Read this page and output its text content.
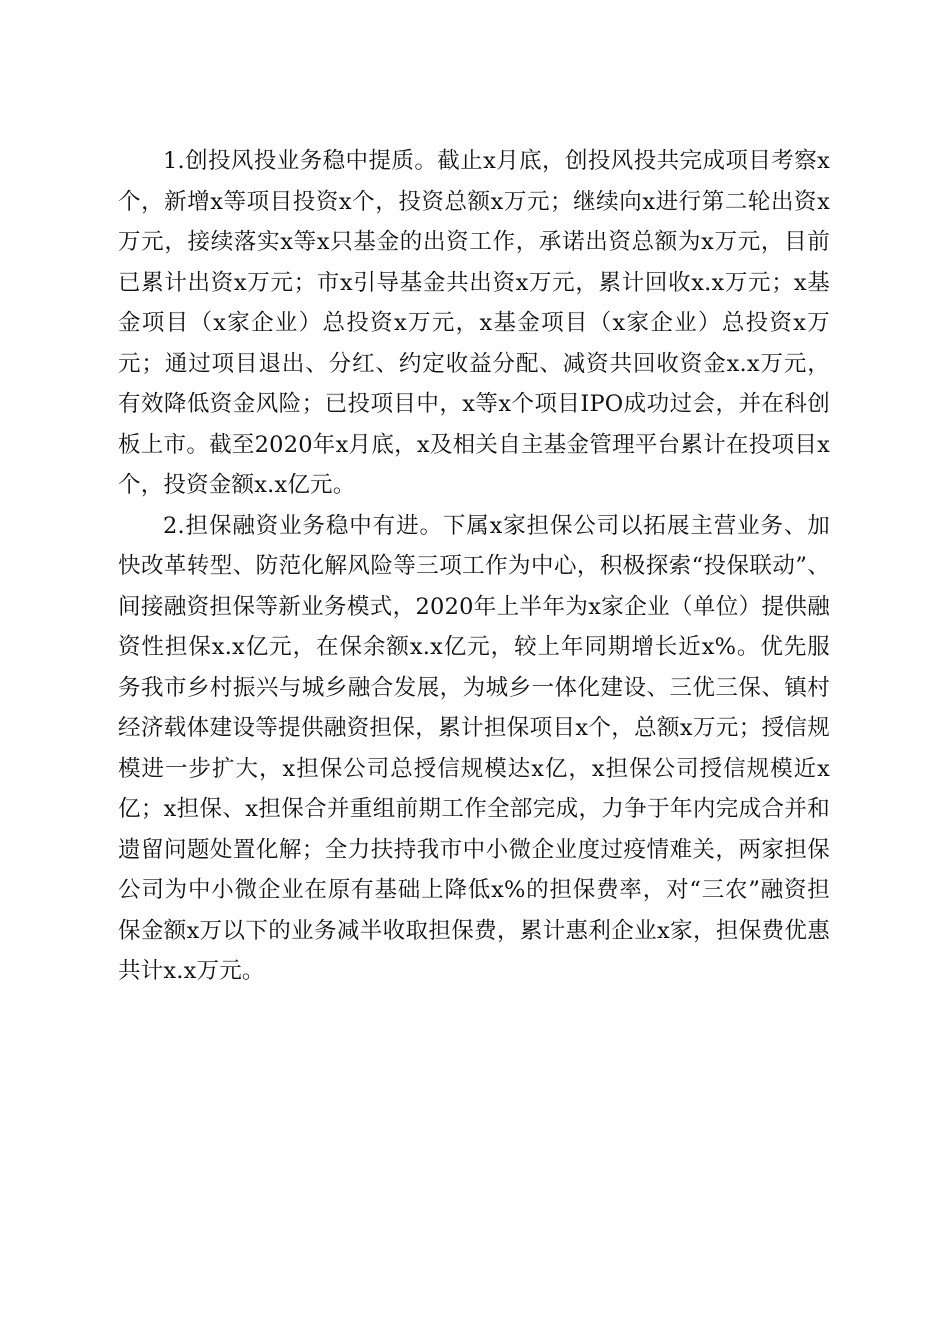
1.创投风投业务稳中提质。截止x月底，创投风投共完成项目考察x个，新增x等项目投资x个，投资总额x万元；继续向x进行第二轮出资x万元，接续落实x等x只基金的出资工作，承诺出资总额为x万元，目前已累计出资x万元；市x引导基金共出资x万元，累计回收x.x万元；x基金项目（x家企业）总投资x万元，x基金项目（x家企业）总投资x万元；通过项目退出、分红、约定收益分配、减资共回收资金x.x万元，有效降低资金风险；已投项目中，x等x个项目IPO成功过会，并在科创板上市。截至2020年x月底，x及相关自主基金管理平台累计在投项目x个，投资金额x.x亿元。

2.担保融资业务稳中有进。下属x家担保公司以拓展主营业务、加快改革转型、防范化解风险等三项工作为中心，积极探索“投保联动”、间接融资担保等新业务模式，2020年上半年为x家企业（单位）提供融资性担保x.x亿元，在保余额x.x亿元，较上年同期增长近x%。优先服务我市乡村振兴与城乡融合发展，为城乡一体化建设、三优三保、镇村经济载体建设等提供融资担保，累计担保项目x个，总额x万元；授信规模进一步扩大，x担保公司总授信规模达x亿，x担保公司授信规模近x亿；x担保、x担保合并重组前期工作全部完成，力争于年内完成合并和遗留问题处置化解；全力扶持我市中小微企业度过疫情难关，两家担保公司为中小微企业在原有基础上降低x%的担保费率，对“三农”融资担保金额x万以下的业务减半收取担保费，累计惠利企业x家，担保费优惠共计x.x万元。
